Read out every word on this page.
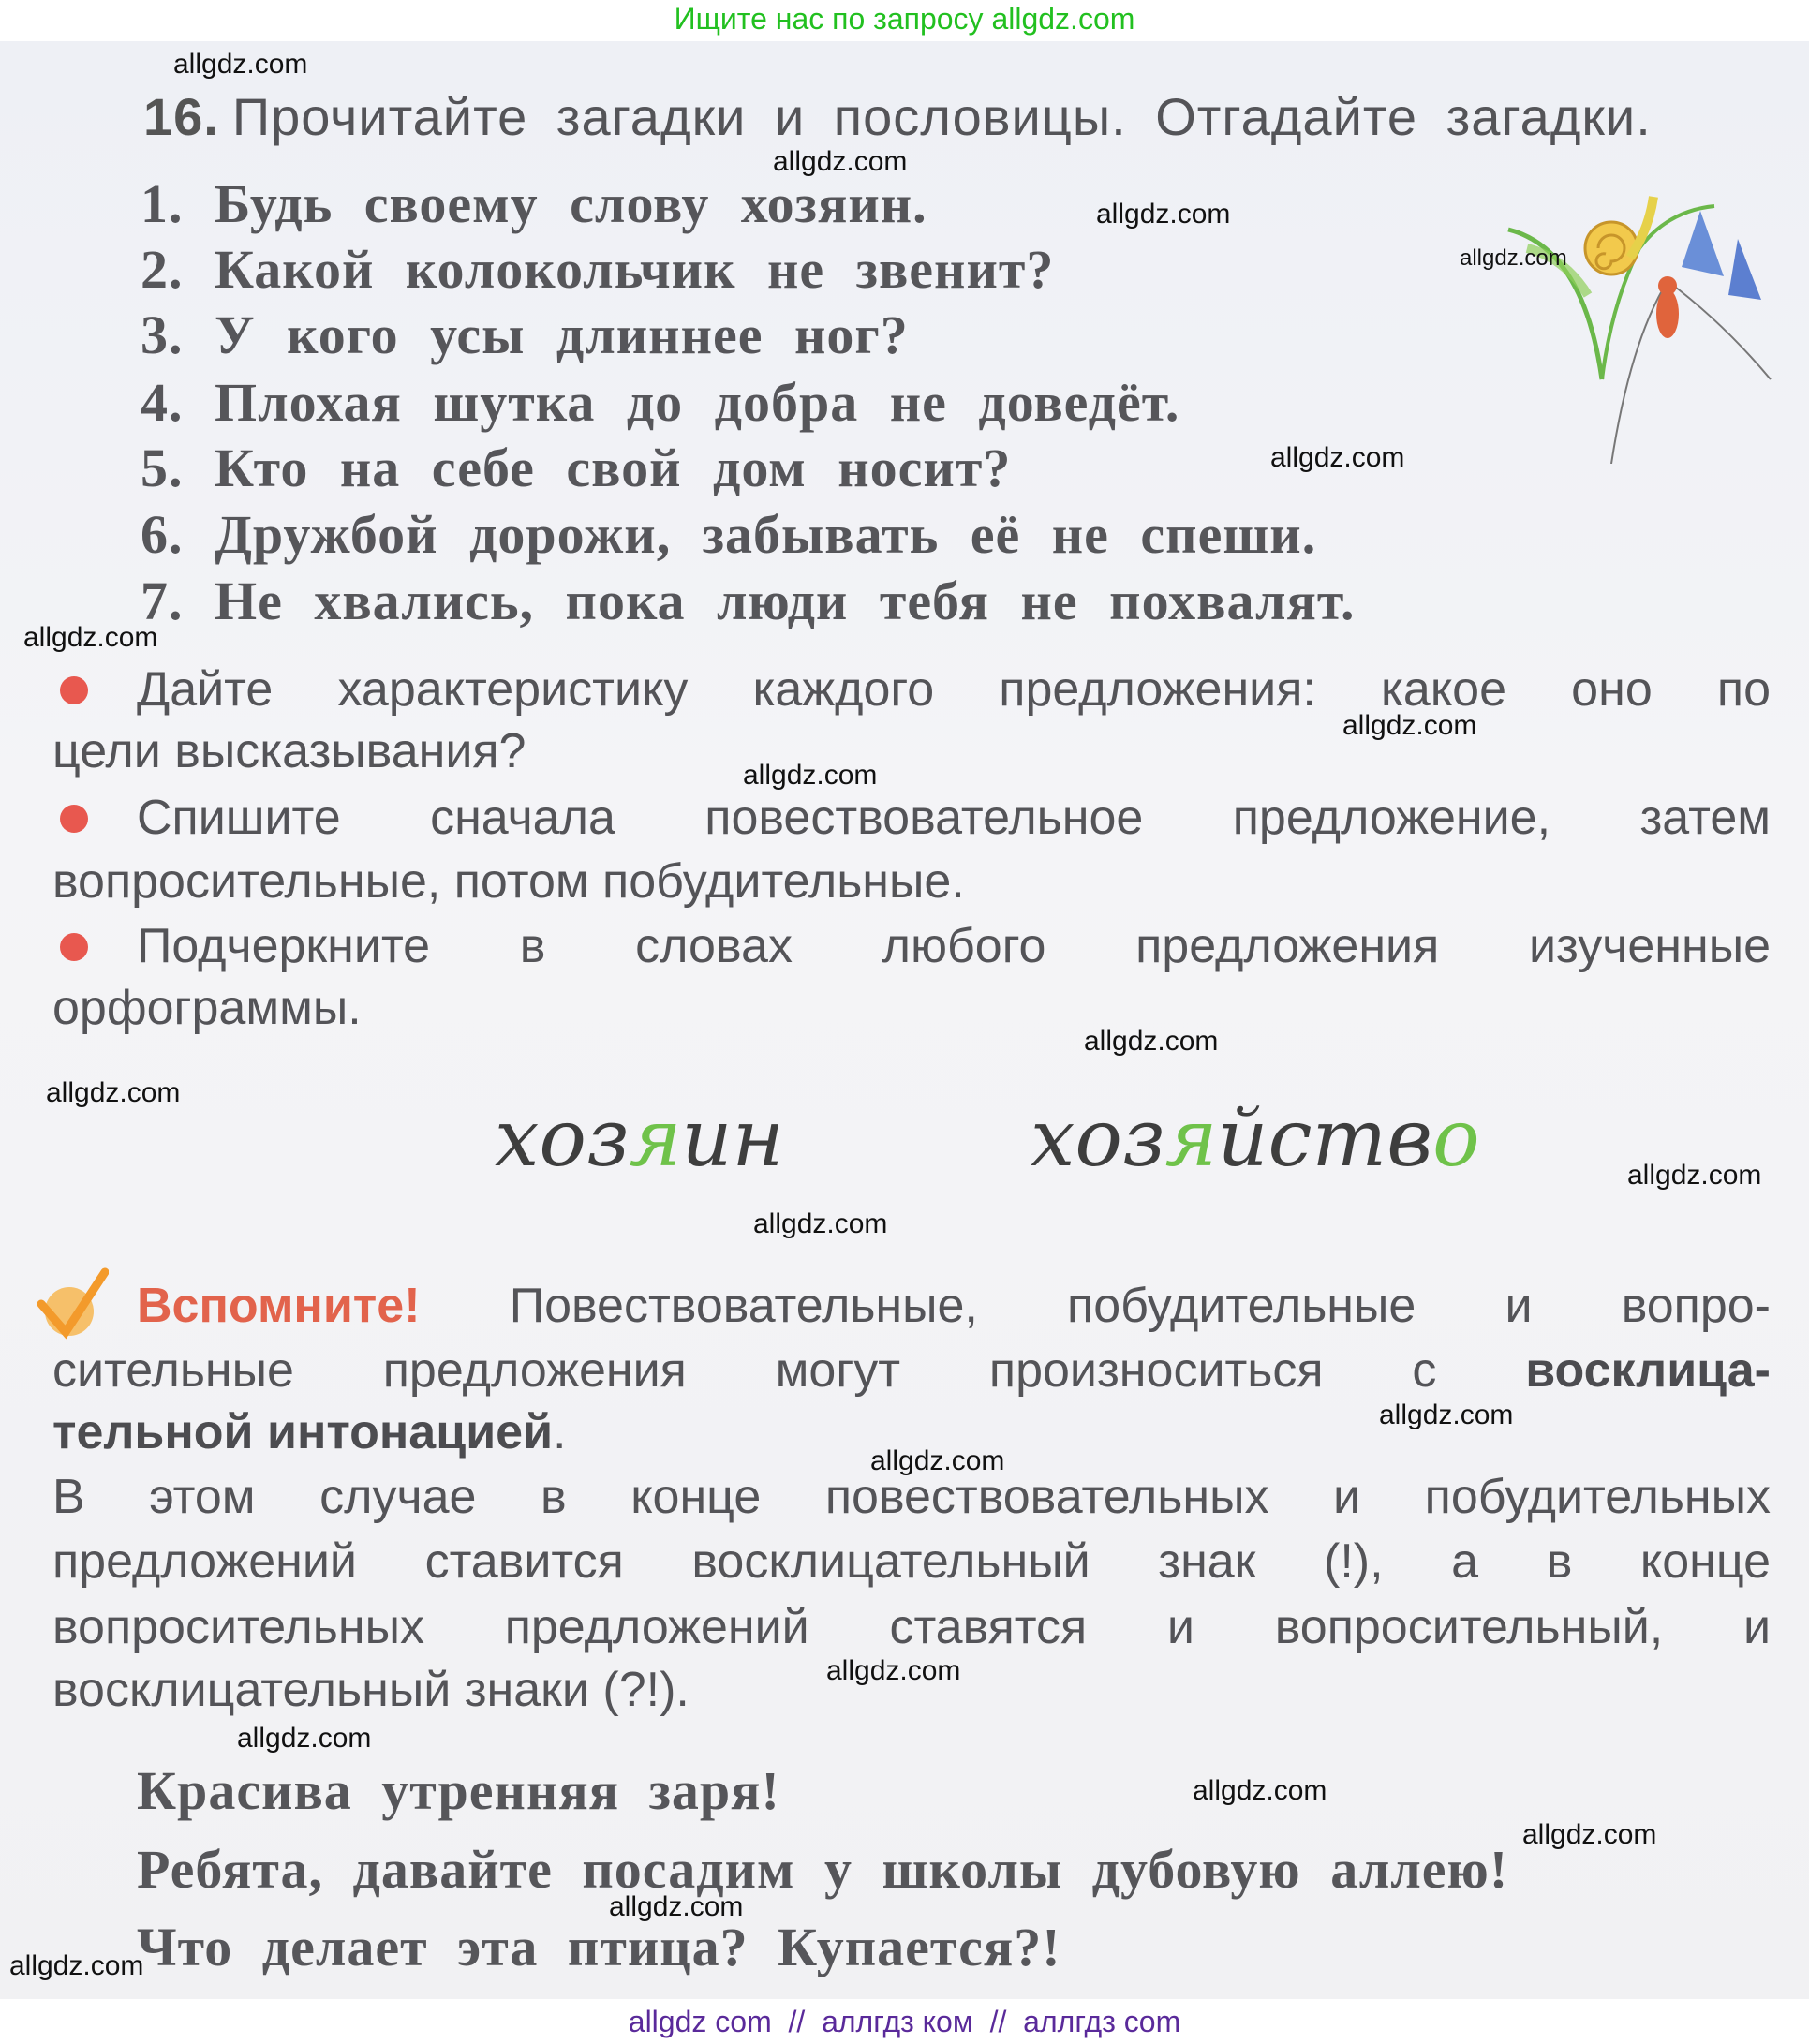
Ищите нас по запросу allgdz.com
16. Прочитайте загадки и пословицы. Отгадайте загадки.
1. Будь своему слову хозяин.
2. Какой колокольчик не звенит?
3. У кого усы длиннее ног?
4. Плохая шутка до добра не доведёт.
5. Кто на себе свой дом носит?
6. Дружбой дорожи, забывать её не спеши.
7. Не хвались, пока люди тебя не похвалят.
Дайте характеристику каждого предложения: какое оно по
цели высказывания?
Спишите сначала повествовательное предложение, затем
вопросительные, потом побудительные.
Подчеркните в словах любого предложения изученные
орфограммы.
хозяин	хозяйство
Вспомните! Повествовательные, побудительные и вопро-
сительные предложения могут произноситься с восклица-
тельной интонацией.
В этом случае в конце повествовательных и побудительных
предложений ставится восклицательный знак (!), а в конце
вопросительных предложений ставятся и вопросительный, и
восклицательный знаки (?!).
Красива утренняя заря!
Ребята, давайте посадим у школы дубовую аллею!
Что делает эта птица? Купается?!
allgdz.com
allgdz.com
allgdz.com
allgdz.com
allgdz.com
allgdz.com
allgdz.com
allgdz.com
allgdz.com
allgdz.com
allgdz.com
allgdz.com
allgdz.com
allgdz.com
allgdz.com
allgdz.com
allgdz.com
allgdz.com
allgdz.com
allgdz.com
allgdz com  //  аллгдз ком  //  аллгдз com
